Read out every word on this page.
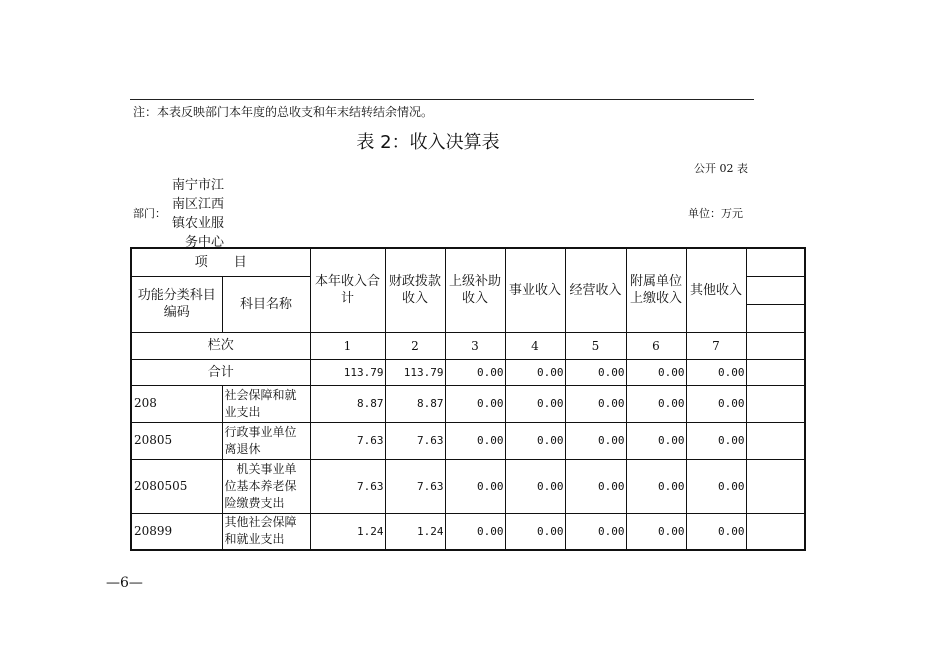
注：本表反映部门本年度的总收支和年末结转结余情况。
表 2：收入决算表
公开 02 表
部门：
南宁市江南区江西镇农业服务中心
单位：万元
项　　目		本年收入合计	财政拨款收入	上级补助收入	事业收入	经营收入	附属单位上缴收入	其他收入	
功能分类科目编码	科目名称								

栏次		1	2	3	4	5	6	7	
合计		113.79	113.79	0.00	0.00	0.00	0.00	0.00	
208	社会保障和就业支出	8.87	8.87	0.00	0.00	0.00	0.00	0.00	
20805	行政事业单位离退休	7.63	7.63	0.00	0.00	0.00	0.00	0.00	
2080505	　机关事业单位基本养老保险缴费支出	7.63	7.63	0.00	0.00	0.00	0.00	0.00	
20899	其他社会保障和就业支出	1.24	1.24	0.00	0.00	0.00	0.00	0.00	
—6—
